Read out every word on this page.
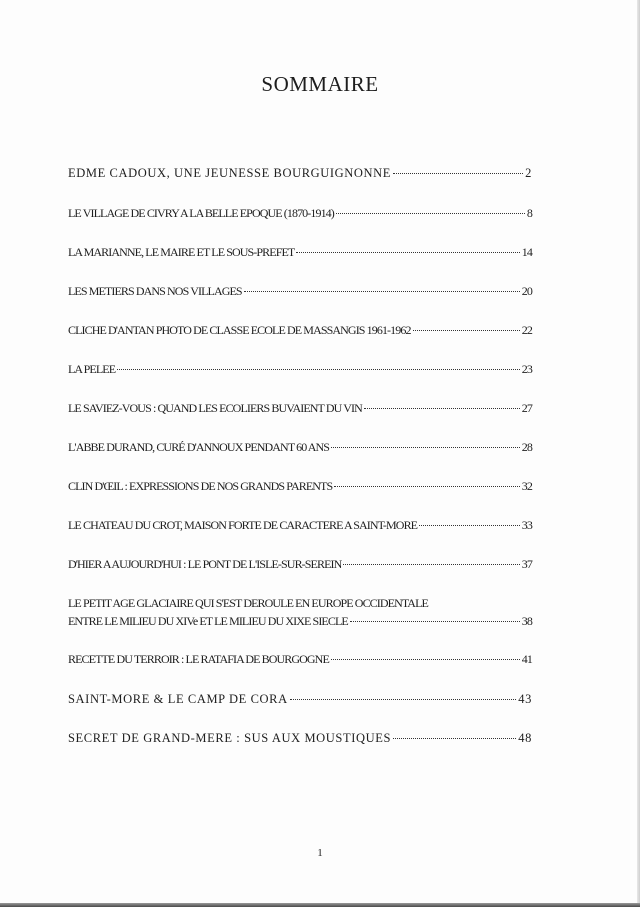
SOMMAIRE
EDME CADOUX, UNE JEUNESSE BOURGUIGNONNE	2
LE VILLAGE DE CIVRY A LA BELLE EPOQUE (1870-1914)	8
LA MARIANNE, LE MAIRE ET LE SOUS-PREFET	14
LES METIERS DANS NOS VILLAGES	20
CLICHE D'ANTAN PHOTO DE CLASSE ECOLE DE MASSANGIS 1961-1962	22
LA PELEE	23
LE SAVIEZ-VOUS : QUAND LES ECOLIERS BUVAIENT DU VIN	27
L'ABBE DURAND, CURÉ D'ANNOUX PENDANT 60 ANS	28
CLIN D'ŒIL : EXPRESSIONS DE NOS GRANDS PARENTS	32
LE CHATEAU DU CROT, MAISON FORTE DE CARACTERE A SAINT-MORE	33
D'HIER A AUJOURD'HUI : LE PONT DE L'ISLE-SUR-SEREIN	37
LE PETIT AGE GLACIAIRE QUI S'EST DEROULE EN EUROPE OCCIDENTALE
ENTRE LE MILIEU DU XIVe ET LE MILIEU DU XIXE SIECLE	38
RECETTE DU TERROIR : LE RATAFIA DE BOURGOGNE	41
SAINT-MORE & LE CAMP DE CORA	43
SECRET DE GRAND-MERE : SUS AUX MOUSTIQUES	48
1
